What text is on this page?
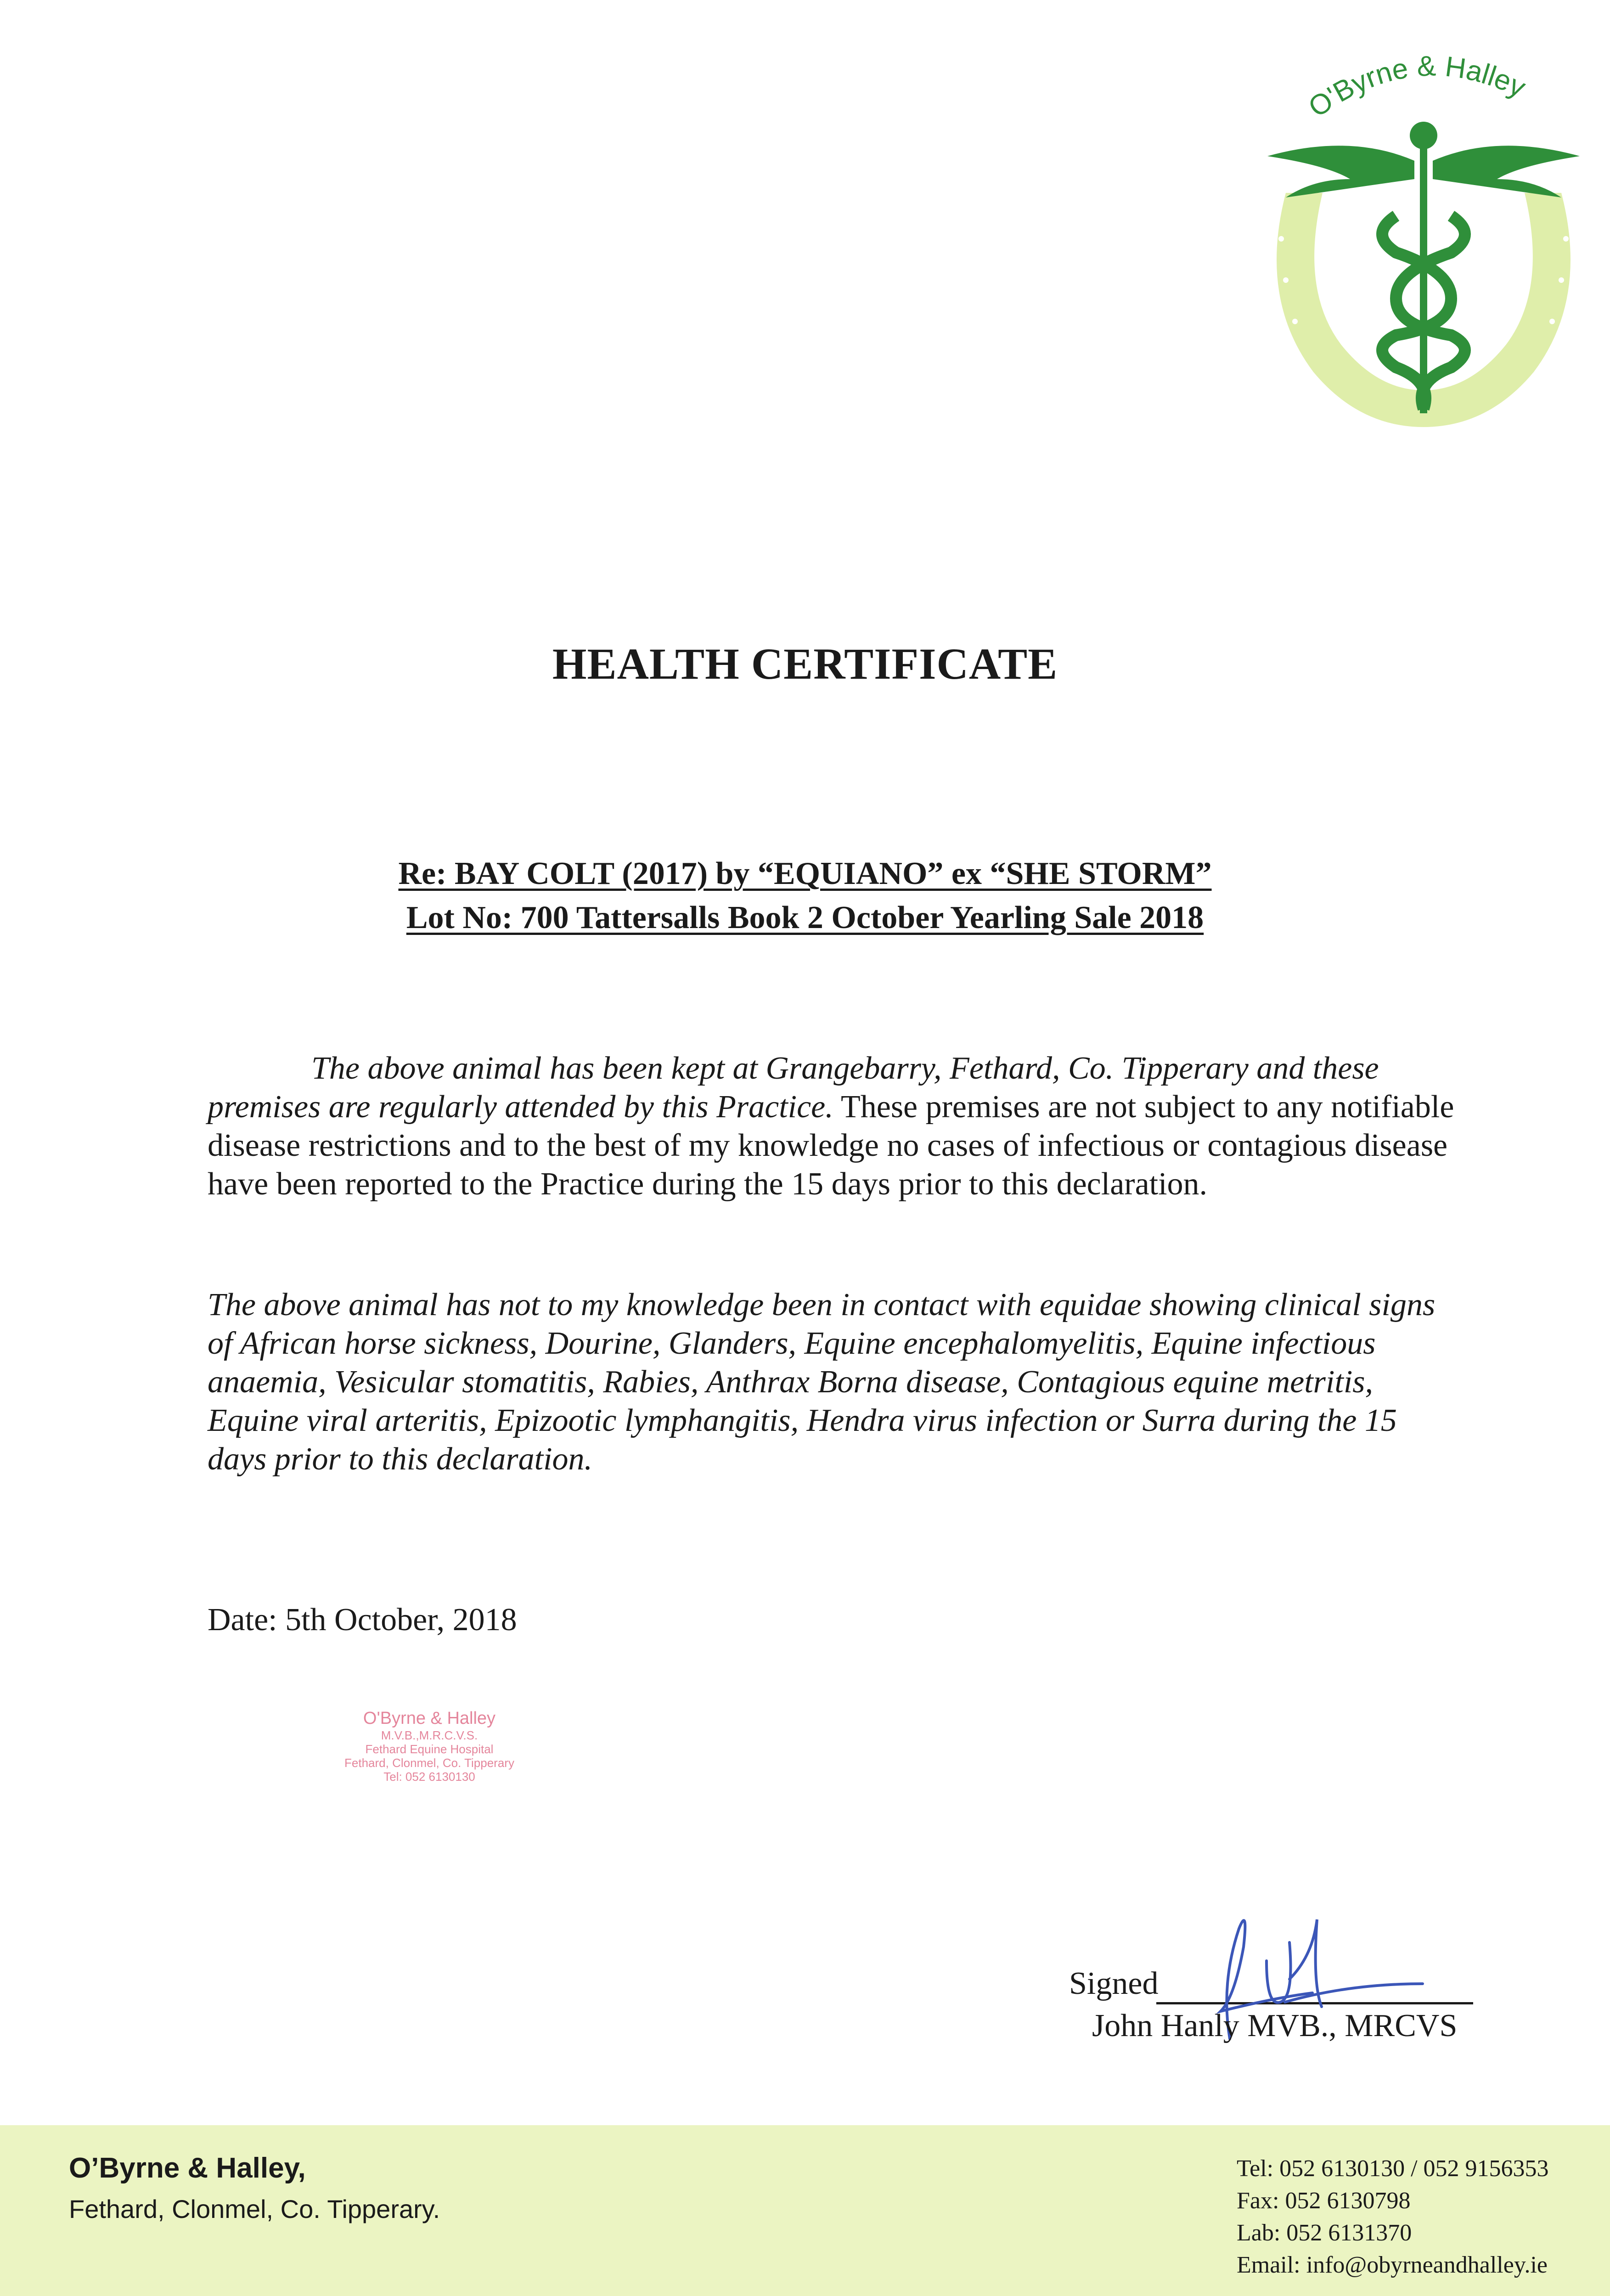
O'Byrne & Halley
HEALTH CERTIFICATE
Re: BAY COLT (2017) by “EQUIANO” ex “SHE STORM”
Lot No: 700 Tattersalls Book 2 October Yearling Sale 2018
The above animal has been kept at Grangebarry, Fethard, Co. Tipperary and these premises are regularly attended by this Practice. These premises are not subject to any notifiable disease restrictions and to the best of my knowledge no cases of infectious or contagious disease have been reported to the Practice during the 15 days prior to this declaration.
The above animal has not to my knowledge been in contact with equidae showing clinical signs of African horse sickness, Dourine, Glanders, Equine encephalomyelitis, Equine infectious anaemia, Vesicular stomatitis, Rabies, Anthrax Borna disease, Contagious equine metritis, Equine viral arteritis, Epizootic lymphangitis, Hendra virus infection or Surra during the 15 days prior to this declaration.
Date: 5th October, 2018
O'Byrne & Halley
M.V.B.,M.R.C.V.S.
Fethard Equine Hospital
Fethard, Clonmel, Co. Tipperary
Tel: 052 6130130
Signed
John Hanly MVB., MRCVS
O’Byrne & Halley,
Fethard, Clonmel, Co. Tipperary.
Tel: 052 6130130 / 052 9156353
Fax: 052 6130798
Lab: 052 6131370
Email: info@obyrneandhalley.ie
